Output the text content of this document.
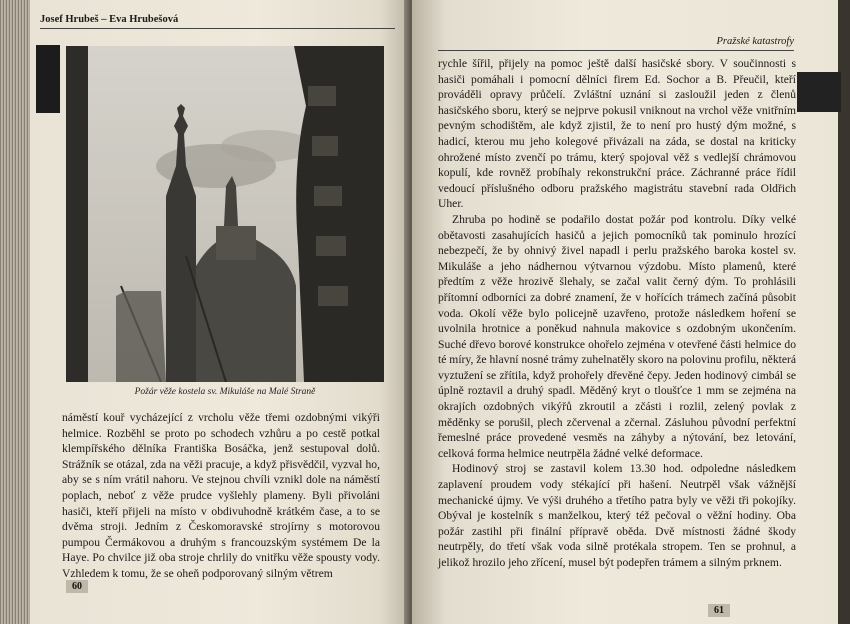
Josef Hrubeš – Eva Hrubešová
Požár věže kostela sv. Mikuláše na Malé Straně

náměstí kouř vycházející z vrcholu věže třemi ozdobnými vikýři helmice. Rozběhl se proto po schodech vzhůru a po cestě potkal klempířského dělníka Františka Bosáčka, jenž sestupoval dolů. Strážník se otázal, zda na věži pracuje, a když přisvědčil, vyzval ho, aby se s ním vrátil nahoru. Ve stejnou chvíli vznikl dole na náměstí poplach, neboť z věže prudce vyšlehly plameny. Byli přivoláni hasiči, kteří přijeli na místo v obdivuhodně krátkém čase, a to se dvěma stroji. Jedním z Českomoravské strojírny s motorovou pumpou Čermákovou a druhým s francouzským systémem De la Haye. Po chvilce již oba stroje chrlily do vnitřku věže spousty vody. Vzhledem k tomu, že se oheň podporovaný silným větrem

60
Pražské katastrofy

rychle šířil, přijely na pomoc ještě další hasičské sbory. V součinnosti s hasiči pomáhali i pomocní dělníci firem Ed. Sochor a B. Přeučil, kteří prováděli opravy průčelí. Zvláštní uznání si zasloužil jeden z členů hasičského sboru, který se nejprve pokusil vniknout na vrchol věže vnitřním pevným schodištěm, ale když zjistil, že to není pro hustý dým možné, s hadicí, kterou mu jeho kolegové přivázali na záda, se dostal na kriticky ohrožené místo zvenčí po trámu, který spojoval věž s vedlejší chrámovou kopulí, kde rovněž probíhaly rekonstrukční práce. Záchranné práce řídil vedoucí příslušného odboru pražského magistrátu stavební rada Oldřich Uher.

Zhruba po hodině se podařilo dostat požár pod kontrolu. Díky velké obětavosti zasahujících hasičů a jejich pomocníků tak pominulo hrozící nebezpečí, že by ohnivý živel napadl i perlu pražského baroka kostel sv. Mikuláše a jeho nádhernou výtvarnou výzdobu. Místo plamenů, které předtím z věže hrozivě šlehaly, se začal valit černý dým. To prohlásili přítomní odborníci za dobré znamení, že v hořících trámech začíná působit voda. Okolí věže bylo policejně uzavřeno, protože následkem hoření se uvolnila hrotnice a poněkud nahnula makovice s ozdobným ukončením. Suché dřevo borové konstrukce ohořelo zejména v otevřené části helmice do té míry, že hlavní nosné trámy zuhelnatěly skoro na polovinu profilu, některá vyztužení se zřítila, když prohořely dřevěné čepy. Jeden hodinový cimbál se úplně roztavil a druhý spadl. Měděný kryt o tloušťce 1 mm se zejména na okrajích ozdobných vikýřů zkroutil a zčásti i rozlil, zelený povlak z měděnky se porušil, plech zčervenal a zčernal. Zásluhou původní perfektní řemeslné práce provedené vesměs na záhyby a nýtování, bez letování, celková forma helmice neutrpěla žádné velké deformace.

Hodinový stroj se zastavil kolem 13.30 hod. odpoledne následkem zaplavení proudem vody stékající při hašení. Neutrpěl však vážnější mechanické újmy. Ve výši druhého a třetího patra byly ve věži tři pokojíky. Obýval je kostelník s manželkou, který též pečoval o věžní hodiny. Oba požár zastihl při finální přípravě oběda. Dvě místnosti žádné škody neutrpěly, do třetí však voda silně protékala stropem. Ten se prohnul, a jelikož hrozilo jeho zřícení, musel být podepřen trámem a silným prknem.

61
